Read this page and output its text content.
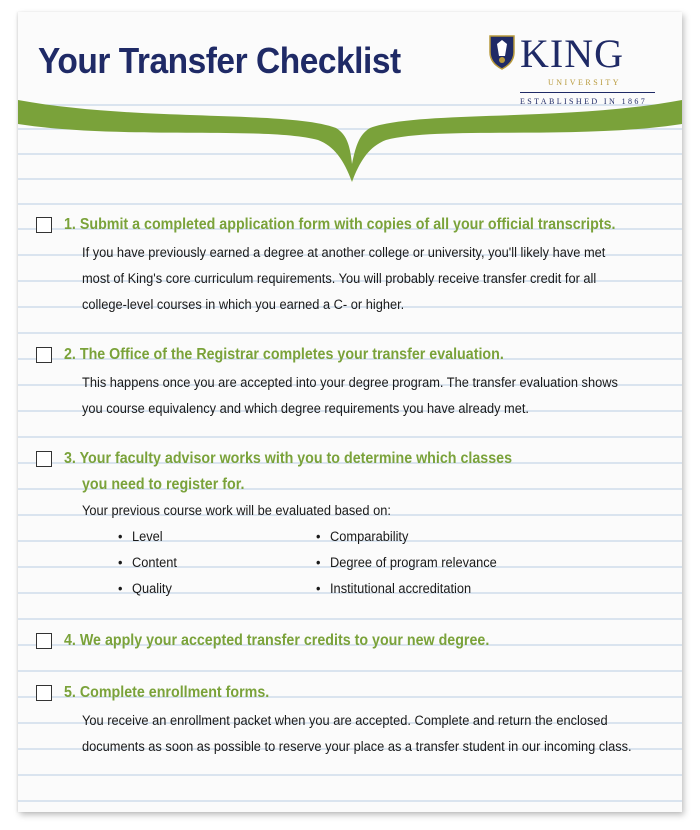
Your Transfer Checklist	KING
UNIVERSITY
ESTABLISHED IN 1867
1. Submit a completed application form with copies of all your official transcripts.
If you have previously earned a degree at another college or university, you'll likely have met
most of King's core curriculum requirements. You will probably receive transfer credit for all
college-level courses in which you earned a C- or higher.
2. The Office of the Registrar completes your transfer evaluation.
This happens once you are accepted into your degree program. The transfer evaluation shows
you course equivalency and which degree requirements you have already met.
3. Your faculty advisor works with you to determine which classes
you need to register for.
Your previous course work will be evaluated based on:
• Level
• Content
• Quality
• Comparability
• Degree of program relevance
• Institutional accreditation
4. We apply your accepted transfer credits to your new degree.
5. Complete enrollment forms.
You receive an enrollment packet when you are accepted. Complete and return the enclosed
documents as soon as possible to reserve your place as a transfer student in our incoming class.
